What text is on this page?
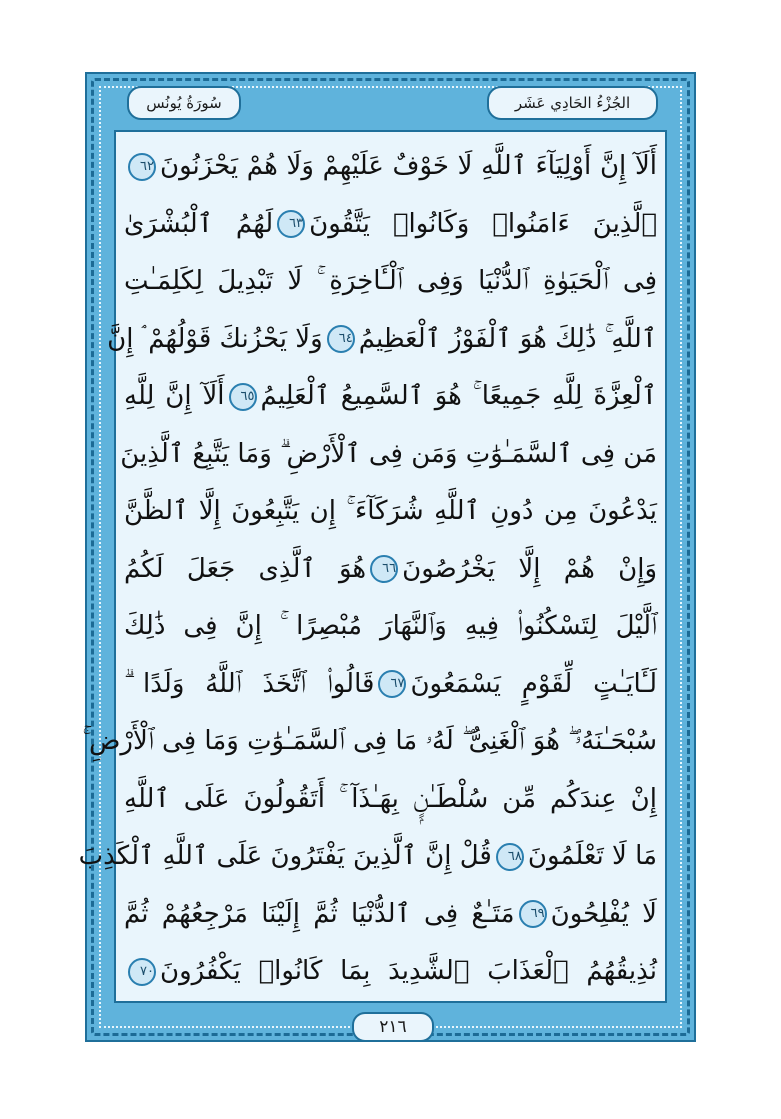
الجُزْءُ الحَادِي عَشَر
سُورَةُ يُونُس
أَلَآ إِنَّ أَوْلِيَآءَ ٱللَّهِ لَا خَوْفٌ عَلَيْهِمْ وَلَا هُمْ يَحْزَنُونَ٦٢
ٱلَّذِينَ ءَامَنُوا۟ وَكَانُوا۟ يَتَّقُونَ٦٣لَهُمُ ٱلْبُشْرَىٰ
فِى ٱلْحَيَوٰةِ ٱلدُّنْيَا وَفِى ٱلْـَٔاخِرَةِ ۚ لَا تَبْدِيلَ لِكَلِمَـٰتِ
ٱللَّهِ ۚ ذَٰلِكَ هُوَ ٱلْفَوْزُ ٱلْعَظِيمُ٦٤وَلَا يَحْزُنكَ قَوْلُهُمْ ۘ إِنَّ
ٱلْعِزَّةَ لِلَّهِ جَمِيعًا ۚ هُوَ ٱلسَّمِيعُ ٱلْعَلِيمُ٦٥أَلَآ إِنَّ لِلَّهِ
مَن فِى ٱلسَّمَـٰوَٰتِ وَمَن فِى ٱلْأَرْضِ ۗ وَمَا يَتَّبِعُ ٱلَّذِينَ
يَدْعُونَ مِن دُونِ ٱللَّهِ شُرَكَآءَ ۚ إِن يَتَّبِعُونَ إِلَّا ٱلظَّنَّ
وَإِنْ هُمْ إِلَّا يَخْرُصُونَ٦٦هُوَ ٱلَّذِى جَعَلَ لَكُمُ
ٱلَّيْلَ لِتَسْكُنُوا۟ فِيهِ وَٱلنَّهَارَ مُبْصِرًا ۚ إِنَّ فِى ذَٰلِكَ
لَـَٔايَـٰتٍ لِّقَوْمٍ يَسْمَعُونَ٦٧قَالُوا۟ ٱتَّخَذَ ٱللَّهُ وَلَدًا ۗ
سُبْحَـٰنَهُۥ ۖ هُوَ ٱلْغَنِىُّ ۖ لَهُۥ مَا فِى ٱلسَّمَـٰوَٰتِ وَمَا فِى ٱلْأَرْضِ ۚ
إِنْ عِندَكُم مِّن سُلْطَـٰنٍۭ بِهَـٰذَآ ۚ أَتَقُولُونَ عَلَى ٱللَّهِ
مَا لَا تَعْلَمُونَ٦٨قُلْ إِنَّ ٱلَّذِينَ يَفْتَرُونَ عَلَى ٱللَّهِ ٱلْكَذِبَ
لَا يُفْلِحُونَ٦٩مَتَـٰعٌ فِى ٱلدُّنْيَا ثُمَّ إِلَيْنَا مَرْجِعُهُمْ ثُمَّ
نُذِيقُهُمُ ٱلْعَذَابَ ٱلشَّدِيدَ بِمَا كَانُوا۟ يَكْفُرُونَ٧٠
٢١٦
